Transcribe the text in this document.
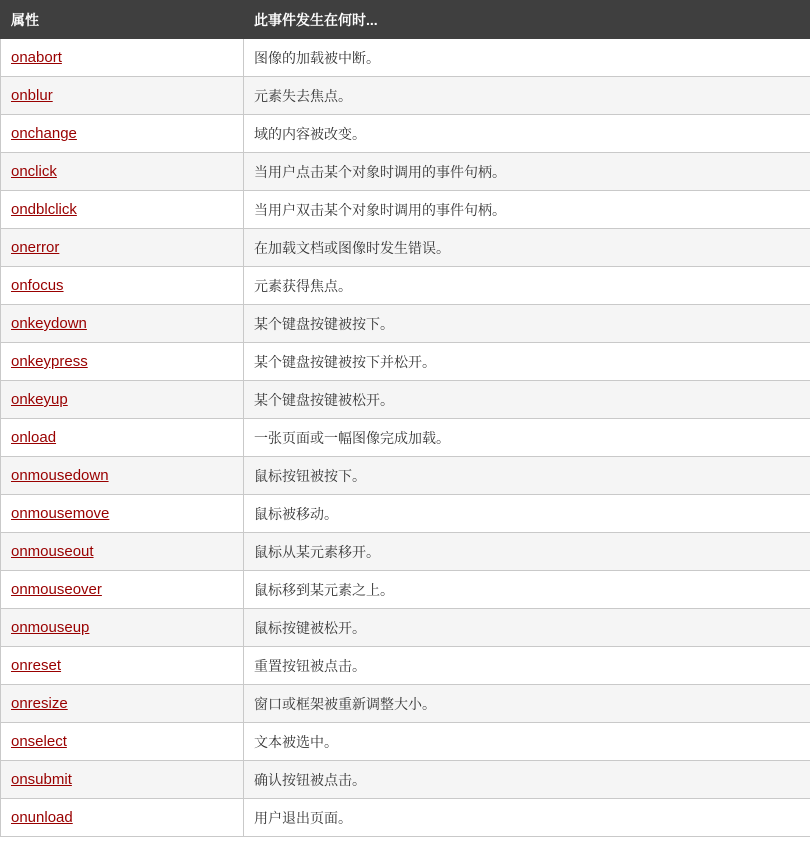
属性	此事件发生在何时...
onabort	图像的加载被中断。
onblur	元素失去焦点。
onchange	域的内容被改变。
onclick	当用户点击某个对象时调用的事件句柄。
ondblclick	当用户双击某个对象时调用的事件句柄。
onerror	在加载文档或图像时发生错误。
onfocus	元素获得焦点。
onkeydown	某个键盘按键被按下。
onkeypress	某个键盘按键被按下并松开。
onkeyup	某个键盘按键被松开。
onload	一张页面或一幅图像完成加载。
onmousedown	鼠标按钮被按下。
onmousemove	鼠标被移动。
onmouseout	鼠标从某元素移开。
onmouseover	鼠标移到某元素之上。
onmouseup	鼠标按键被松开。
onreset	重置按钮被点击。
onresize	窗口或框架被重新调整大小。
onselect	文本被选中。
onsubmit	确认按钮被点击。
onunload	用户退出页面。
